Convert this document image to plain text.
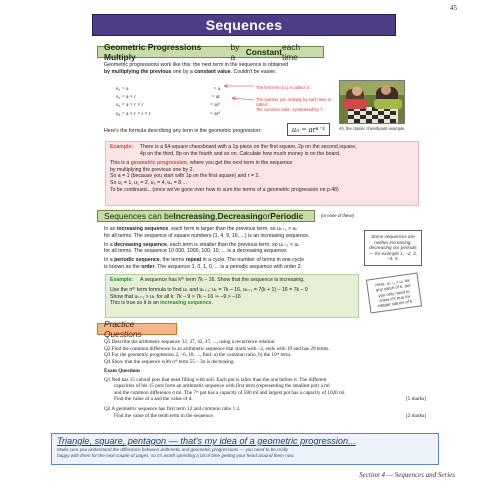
45
Sequences
Geometric Progressions Multiply
by a	Constant each time
Geometric progressions work like this: the next term in the sequence is obtained
by multiplying the previous one by a constant value. Couldn't be easier.
u₁ = a	= a
u₂ = a × r	= ar
u₃ = a × r × r	= ar²
u₄ = a × r × r × r	= ar³
The first term (u₁) is called 'a'.
The number you multiply by each time is called
'the common ratio', symbolised by 'r'.
Ah, the classic chessboard example.
Here's the formula describing any term in the geometric progression:	uₙ = arⁿ⁻¹
Example:	There is a 64-square chessboard with a 1p piece on the first square, 2p on the second square,
4p on the third, 8p on the fourth and so on. Calculate how much money is on the board.
This is a geometric progression, where you get the next term in the sequence
by multiplying the previous one by 2.
So a = 1 (because you start with 1p on the first square) and r = 2.
So u₁ = 1, u₂ = 2, u₃ = 4, u₄ = 8 ...
To be continued... (once we've gone over how to sum the terms of a geometric progression on p.48)
Sequences can be Increasing , Decreasing or Periodic	(or none of these)
In an increasing sequence, each term is larger than the previous term, so uₖ₊₁ > uₖ
for all terms. The sequence of square numbers (1, 4, 9, 16, ...) is an increasing sequence.
In a decreasing sequence, each term is smaller than the previous term, so uₖ₊₁ < uₖ
for all terms. The sequence 10 000, 1000, 100, 10, ... is a decreasing sequence.
In a periodic sequence, the terms repeat in a cycle. The number of terms in one cycle
is known as the order. The sequence 1, 0, 1, 0, ... is a periodic sequence with order 2.
Some sequences are neither increasing, decreasing nor periodic — for example 1, –2, 3, –4, 5.
Example:	A sequence has kᵗʰ term 7k – 16. Show that the sequence is increasing.
Use the nᵗʰ term formula to find uₖ and uₖ₊₁: uₖ = 7k – 16, uₖ₊₁ = 7(k + 1) – 16 = 7k – 9
Show that uₖ₊₁ > uₖ for all k: 7k – 9 > 7k – 16 ⇒ –9 > –16
This is true so it is an increasing sequence.
Here, uₖ₊₁ > uₖ for any value of k, but you only need to show it's true for integer values of k.
Practice Questions
Q1 Describe the arithmetic sequence 32, 37, 42, 47, ..., using a recurrence relation.
Q2 Find the common difference in an arithmetic sequence that starts with –2, ends with 19 and has 29 terms.
Q3 For the geometric progression 2, –6, 18, ..., find: a) the common ratio, b) the 10ᵗʰ term.
Q4 Show that the sequence with nᵗʰ term 55 – 3n is decreasing.
Exam Questions
Q1 Ned has 15 cuboid pots that need filling with soil. Each pot is taller than the one before it. The different
capacities of his 15 pots form an arithmetic sequence with first term (representing the smallest pot) a ml
and the common difference d ml. The 7ᵗʰ pot has a capacity of 580 ml and largest pot has a capacity of 1020 ml.
Find the value of a and the value of d.	[5 marks]
Q2 A geometric sequence has first term 12 and common ratio 1.3.
Find the value of the tenth term in the sequence.	[2 marks]
Triangle, square, pentagon — that's my idea of a geometric progression...
Make sure you understand the difference between arithmetic and geometric progressions — you need to be really
happy with them for the next couple of pages, so it's worth spending a bit of time getting your head around them now.
Section 4 — Sequences and Series
